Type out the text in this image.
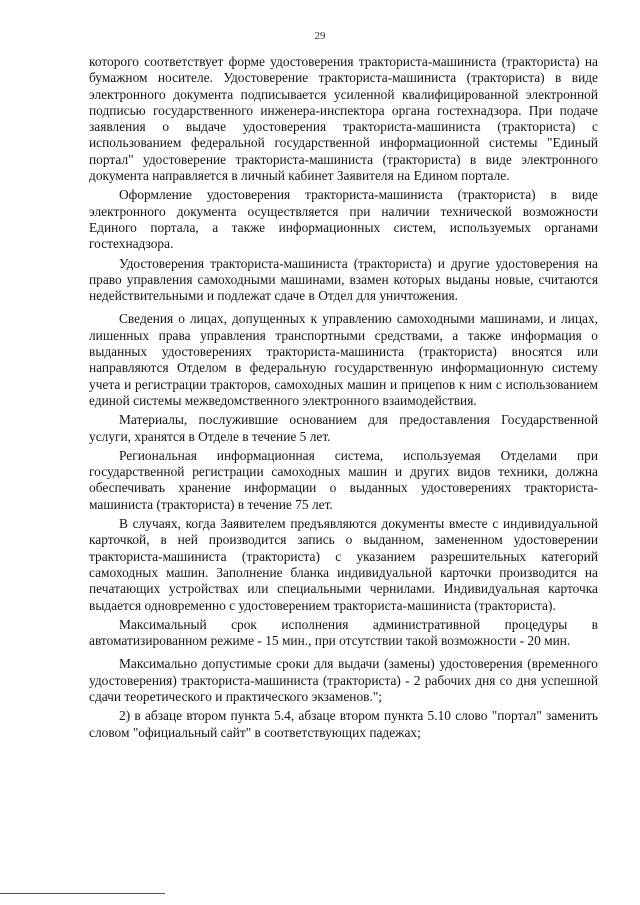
29

которого соответствует форме удостоверения тракториста-машиниста (тракториста) на бумажном носителе. Удостоверение тракториста-машиниста (тракториста) в виде электронного документа подписывается усиленной квалифицированной электронной подписью государственного инженера-инспектора органа гостехнадзора. При подаче заявления о выдаче удостоверения тракториста-машиниста (тракториста) с использованием федеральной государственной информационной системы "Единый портал" удостоверение тракториста-машиниста (тракториста) в виде электронного документа направляется в личный кабинет Заявителя на Едином портале.

Оформление удостоверения тракториста-машиниста (тракториста) в виде электронного документа осуществляется при наличии технической возможности Единого портала, а также информационных систем, используемых органами гостехнадзора.

Удостоверения тракториста-машиниста (тракториста) и другие удостоверения на право управления самоходными машинами, взамен которых выданы новые, считаются недействительными и подлежат сдаче в Отдел для уничтожения.

Сведения о лицах, допущенных к управлению самоходными машинами, и лицах, лишенных права управления транспортными средствами, а также информация о выданных удостоверениях тракториста-машиниста (тракториста) вносятся или направляются Отделом в федеральную государственную информационную систему учета и регистрации тракторов, самоходных машин и прицепов к ним с использованием единой системы межведомственного электронного взаимодействия.

Материалы, послужившие основанием для предоставления Государственной услуги, хранятся в Отделе в течение 5 лет.

Региональная информационная система, используемая Отделами при государственной регистрации самоходных машин и других видов техники, должна обеспечивать хранение информации о выданных удостоверениях тракториста-машиниста (тракториста) в течение 75 лет.

В случаях, когда Заявителем предъявляются документы вместе с индивидуальной карточкой, в ней производится запись о выданном, замененном удостоверении тракториста-машиниста (тракториста) с указанием разрешительных категорий самоходных машин. Заполнение бланка индивидуальной карточки производится на печатающих устройствах или специальными чернилами. Индивидуальная карточка выдается одновременно с удостоверением тракториста-машиниста (тракториста).

Максимальный срок исполнения административной процедуры в автоматизированном режиме - 15 мин., при отсутствии такой возможности - 20 мин.

Максимально допустимые сроки для выдачи (замены) удостоверения (временного удостоверения) тракториста-машиниста (тракториста) - 2 рабочих дня со дня успешной сдачи теоретического и практического экзаменов.";

2) в абзаце втором пункта 5.4, абзаце втором пункта 5.10 слово "портал" заменить словом "официальный сайт" в соответствующих падежах;
